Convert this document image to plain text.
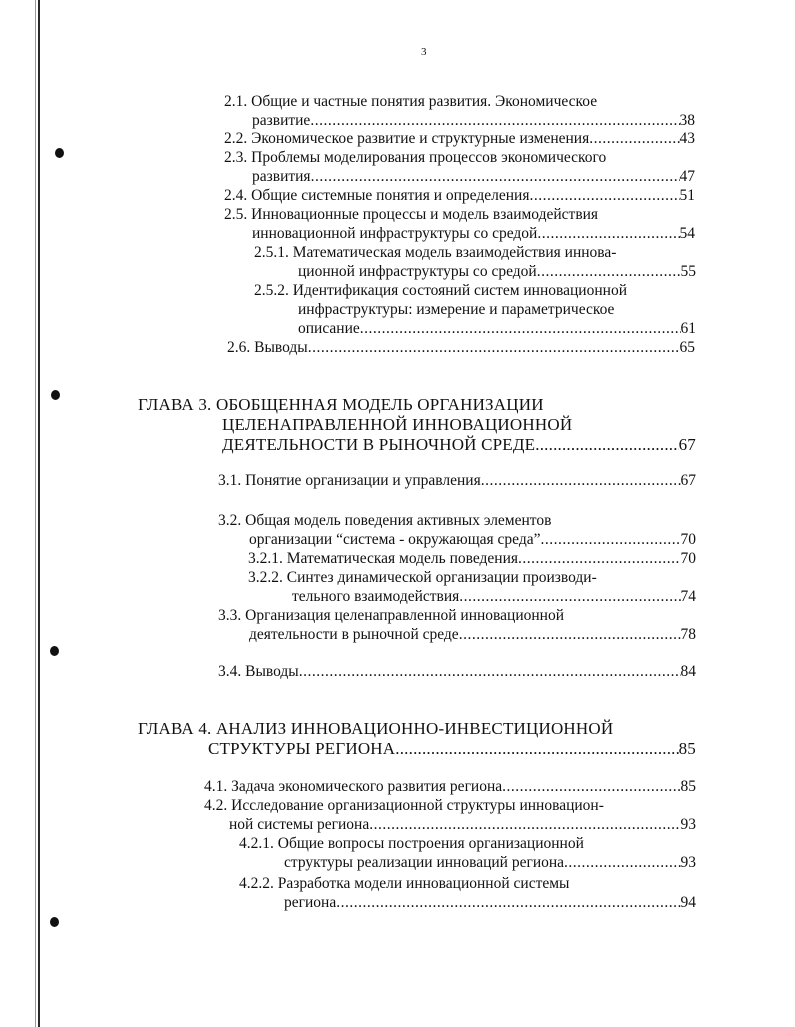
3
2.1. Общие и частные понятия развития. Экономическое
развитие .....	38
2.2. Экономическое развитие и структурные изменения .....	43
2.3. Проблемы моделирования процессов экономического
развития .....	47
2.4. Общие системные понятия и определения .....	51
2.5. Инновационные процессы и модель взаимодействия
инновационной инфраструктуры со средой .....	54
2.5.1. Математическая модель взаимодействия иннова-
ционной инфраструктуры со средой .....	55
2.5.2. Идентификация состояний систем инновационной
инфраструктуры: измерение и параметрическое
описание .....	61
2.6. Выводы .....	65
ГЛАВА 3. ОБОБЩЕННАЯ МОДЕЛЬ ОРГАНИЗАЦИИ
ЦЕЛЕНАПРАВЛЕННОЙ ИННОВАЦИОННОЙ
ДЕЯТЕЛЬНОСТИ В РЫНОЧНОЙ СРЕДЕ .....	67
3.1. Понятие организации и управления .....	67
3.2. Общая модель поведения активных элементов
организации “система - окружающая среда” .....	70
3.2.1. Математическая модель поведения .....	70
3.2.2. Синтез динамической организации производи-
тельного взаимодействия .....	74
3.3. Организация целенаправленной инновационной
деятельности в рыночной среде .....	78
3.4. Выводы .....	84
ГЛАВА 4. АНАЛИЗ ИННОВАЦИОННО-ИНВЕСТИЦИОННОЙ
СТРУКТУРЫ РЕГИОНА .....	85
4.1. Задача экономического развития региона .....	85
4.2. Исследование организационной структуры инновацион-
ной системы региона .....	93
4.2.1. Общие вопросы построения организационной
структуры реализации инноваций региона .....	93
4.2.2. Разработка модели инновационной системы
региона .....	94
